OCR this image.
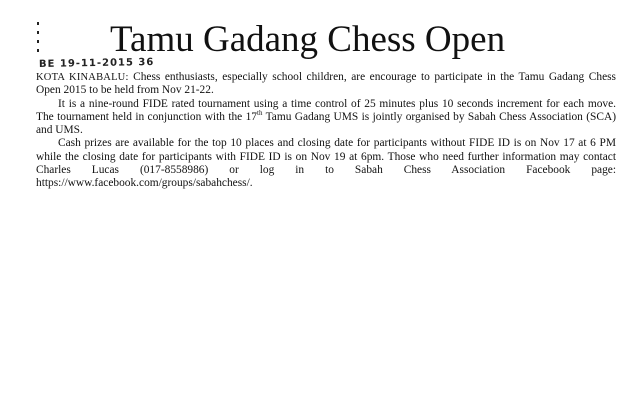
Tamu Gadang Chess Open
BE 19-11-2015 36

KOTA KINABALU: Chess enthusiasts, especially school children, are encourage to participate in the Tamu Gadang Chess Open 2015 to be held from Nov 21-22.

It is a nine-round FIDE rated tournament using a time control of 25 minutes plus 10 seconds increment for each move. The tournament held in conjunction with the 17th Tamu Gadang UMS is jointly organised by Sabah Chess Association (SCA) and UMS.

Cash prizes are available for the top 10 places and closing date for participants without FIDE ID is on Nov 17 at 6 PM while the closing date for participants with FIDE ID is on Nov 19 at 6pm. Those who need further information may contact Charles Lucas (017-8558986) or log in to Sabah Chess Association Facebook page: https://www.facebook.com/groups/sabahchess/.
